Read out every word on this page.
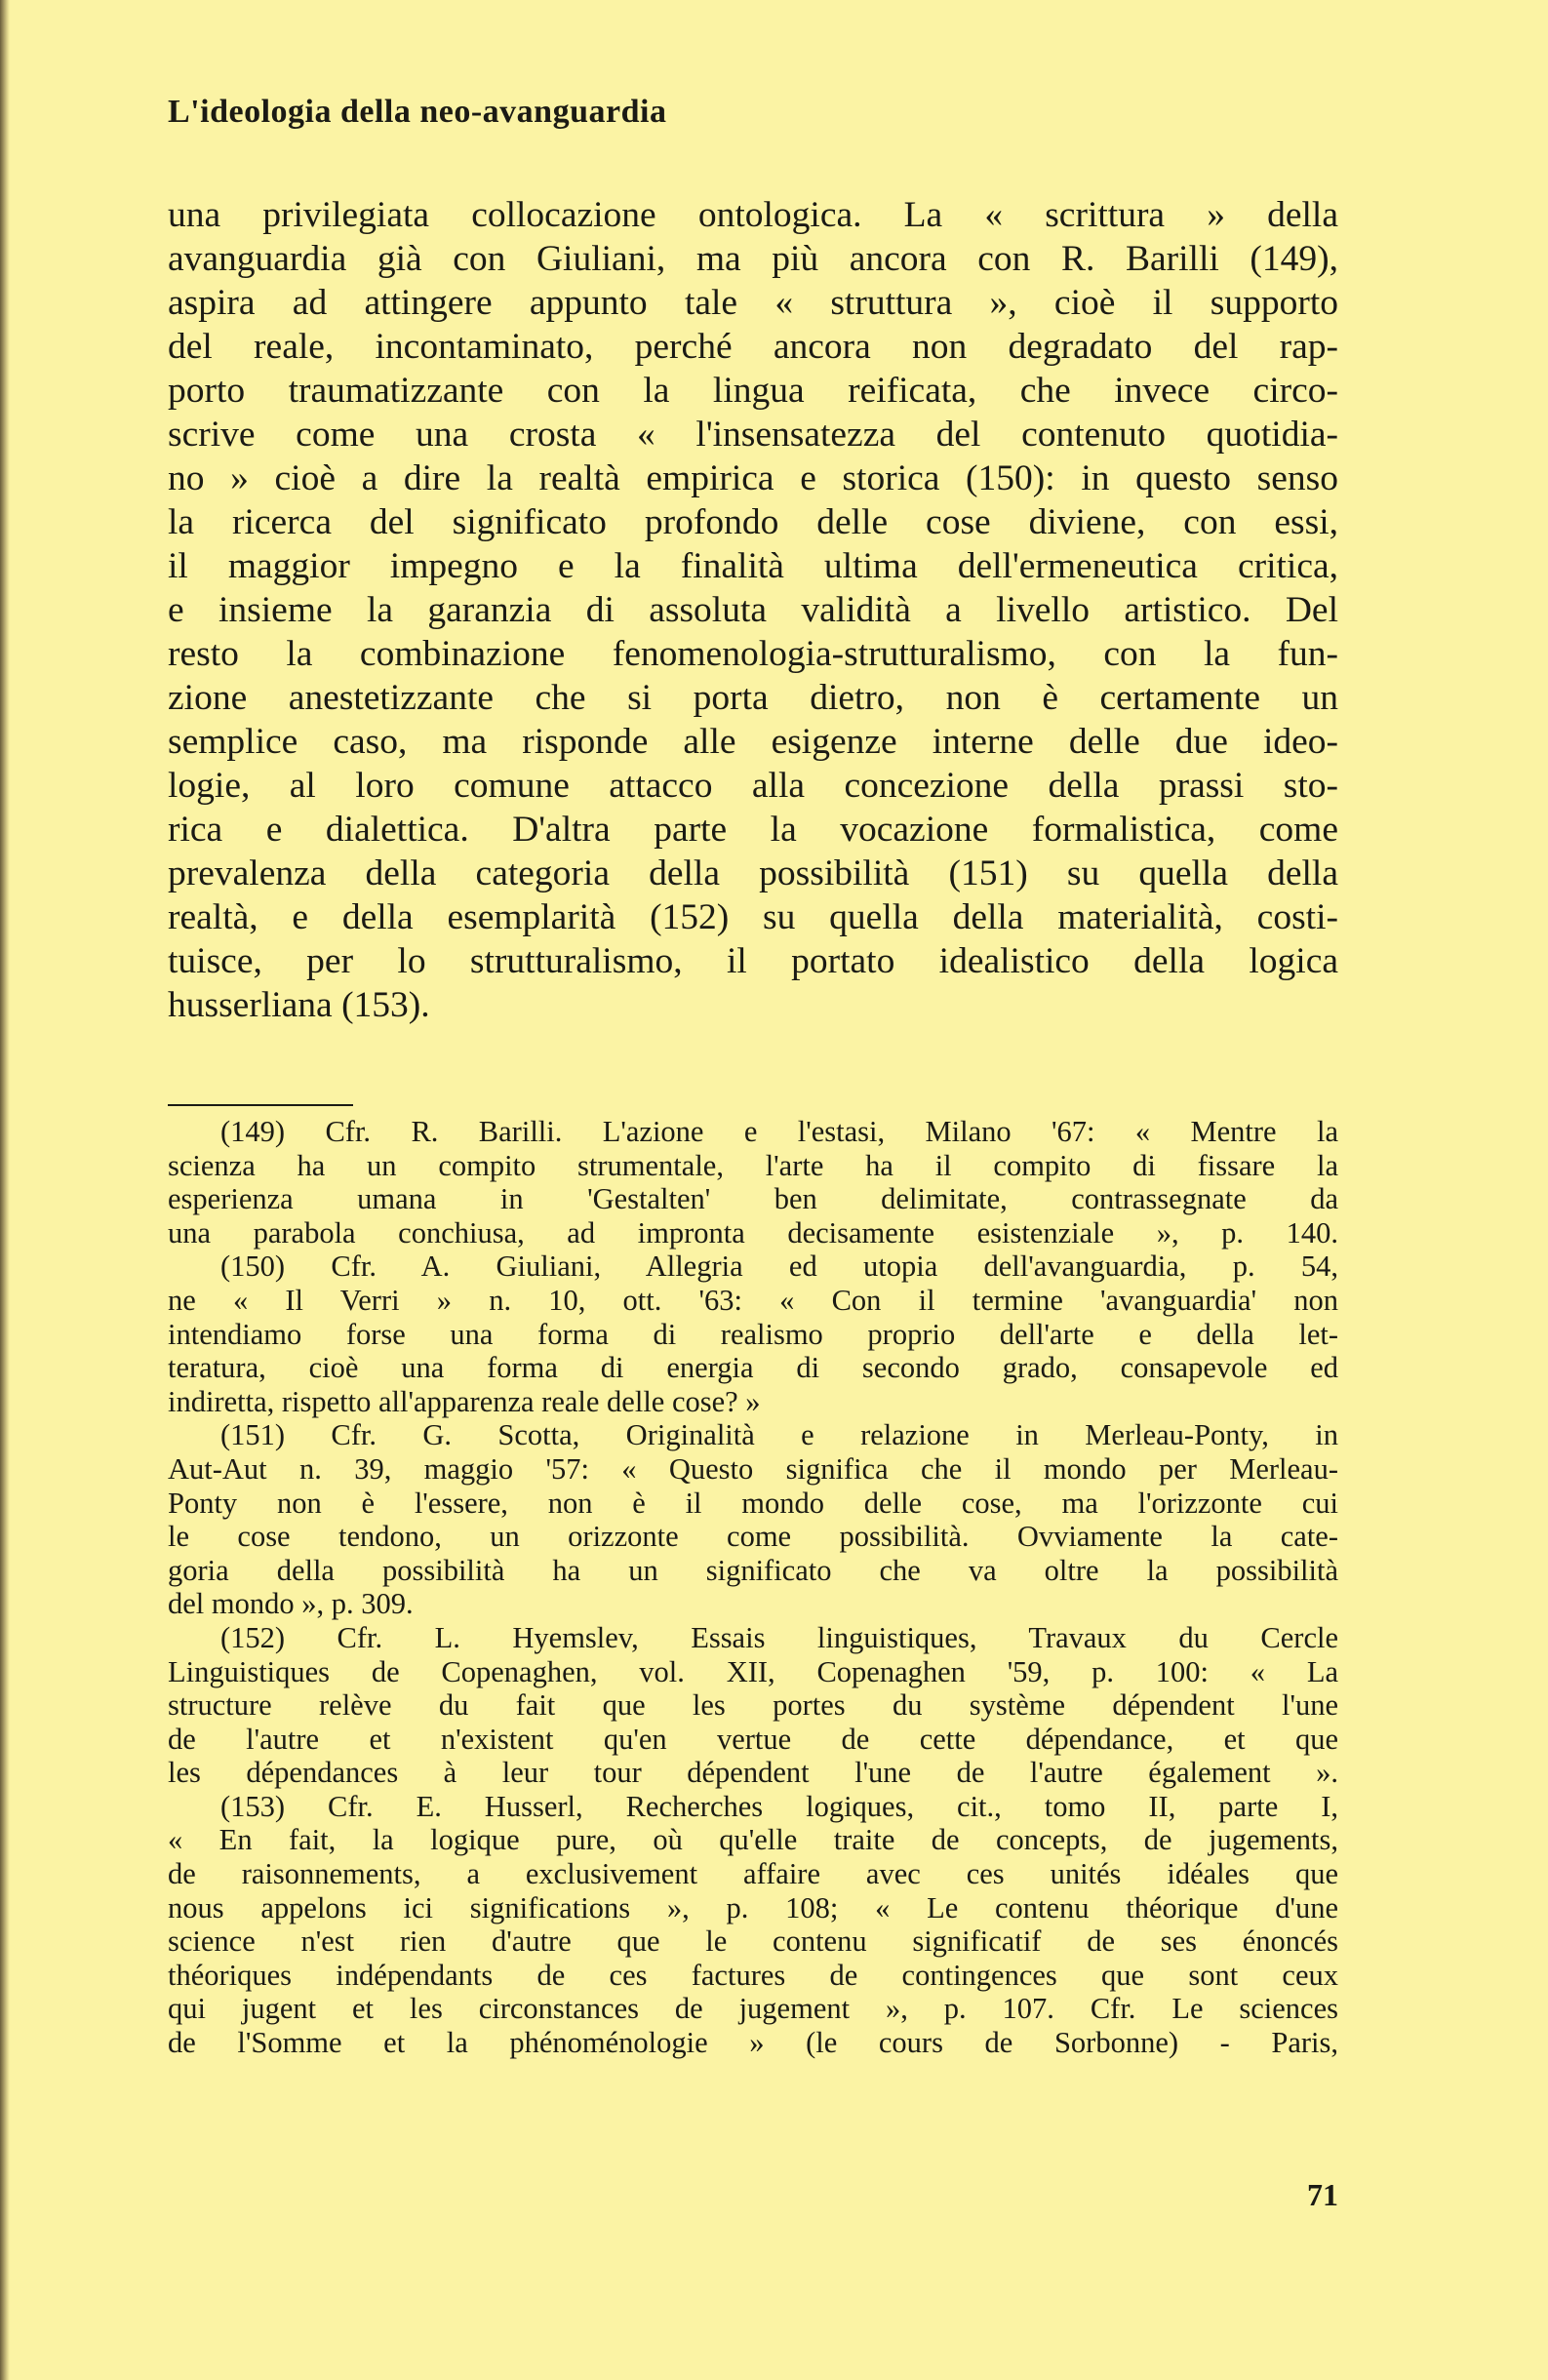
L'ideologia della neo-avanguardia
una privilegiata collocazione ontologica. La « scrittura » della
avanguardia già con Giuliani, ma più ancora con R. Barilli (149),
aspira ad attingere appunto tale « struttura », cioè il supporto
del reale, incontaminato, perché ancora non degradato del rap-
porto traumatizzante con la lingua reificata, che invece circo-
scrive come una crosta « l'insensatezza del contenuto quotidia-
no » cioè a dire la realtà empirica e storica (150): in questo senso
la ricerca del significato profondo delle cose diviene, con essi,
il maggior impegno e la finalità ultima dell'ermeneutica critica,
e insieme la garanzia di assoluta validità a livello artistico. Del
resto la combinazione fenomenologia-strutturalismo, con la fun-
zione anestetizzante che si porta dietro, non è certamente un
semplice caso, ma risponde alle esigenze interne delle due ideo-
logie, al loro comune attacco alla concezione della prassi sto-
rica e dialettica. D'altra parte la vocazione formalistica, come
prevalenza della categoria della possibilità (151) su quella della
realtà, e della esemplarità (152) su quella della materialità, costi-
tuisce, per lo strutturalismo, il portato idealistico della logica
husserliana (153).
(149) Cfr. R. Barilli. L'azione e l'estasi, Milano '67: « Mentre la
scienza ha un compito strumentale, l'arte ha il compito di fissare la
esperienza umana in 'Gestalten' ben delimitate, contrassegnate da
una parabola conchiusa, ad impronta decisamente esistenziale », p. 140.
(150) Cfr. A. Giuliani, Allegria ed utopia dell'avanguardia, p. 54,
ne « Il Verri » n. 10, ott. '63: « Con il termine 'avanguardia' non
intendiamo forse una forma di realismo proprio dell'arte e della let-
teratura, cioè una forma di energia di secondo grado, consapevole ed
indiretta, rispetto all'apparenza reale delle cose? »
(151) Cfr. G. Scotta, Originalità e relazione in Merleau-Ponty, in
Aut-Aut n. 39, maggio '57: « Questo significa che il mondo per Merleau-
Ponty non è l'essere, non è il mondo delle cose, ma l'orizzonte cui
le cose tendono, un orizzonte come possibilità. Ovviamente la cate-
goria della possibilità ha un significato che va oltre la possibilità
del mondo », p. 309.
(152) Cfr. L. Hyemslev, Essais linguistiques, Travaux du Cercle
Linguistiques de Copenaghen, vol. XII, Copenaghen '59, p. 100: « La
structure relève du fait que les portes du système dépendent l'une
de l'autre et n'existent qu'en vertue de cette dépendance, et que
les dépendances à leur tour dépendent l'une de l'autre également ».
(153) Cfr. E. Husserl, Recherches logiques, cit., tomo II, parte I,
« En fait, la logique pure, où qu'elle traite de concepts, de jugements,
de raisonnements, a exclusivement affaire avec ces unités idéales que
nous appelons ici significations », p. 108; « Le contenu théorique d'une
science n'est rien d'autre que le contenu significatif de ses énoncés
théoriques indépendants de ces factures de contingences que sont ceux
qui jugent et les circonstances de jugement », p. 107. Cfr. Le sciences
de l'Somme et la phénoménologie » (le cours de Sorbonne) - Paris,
71
